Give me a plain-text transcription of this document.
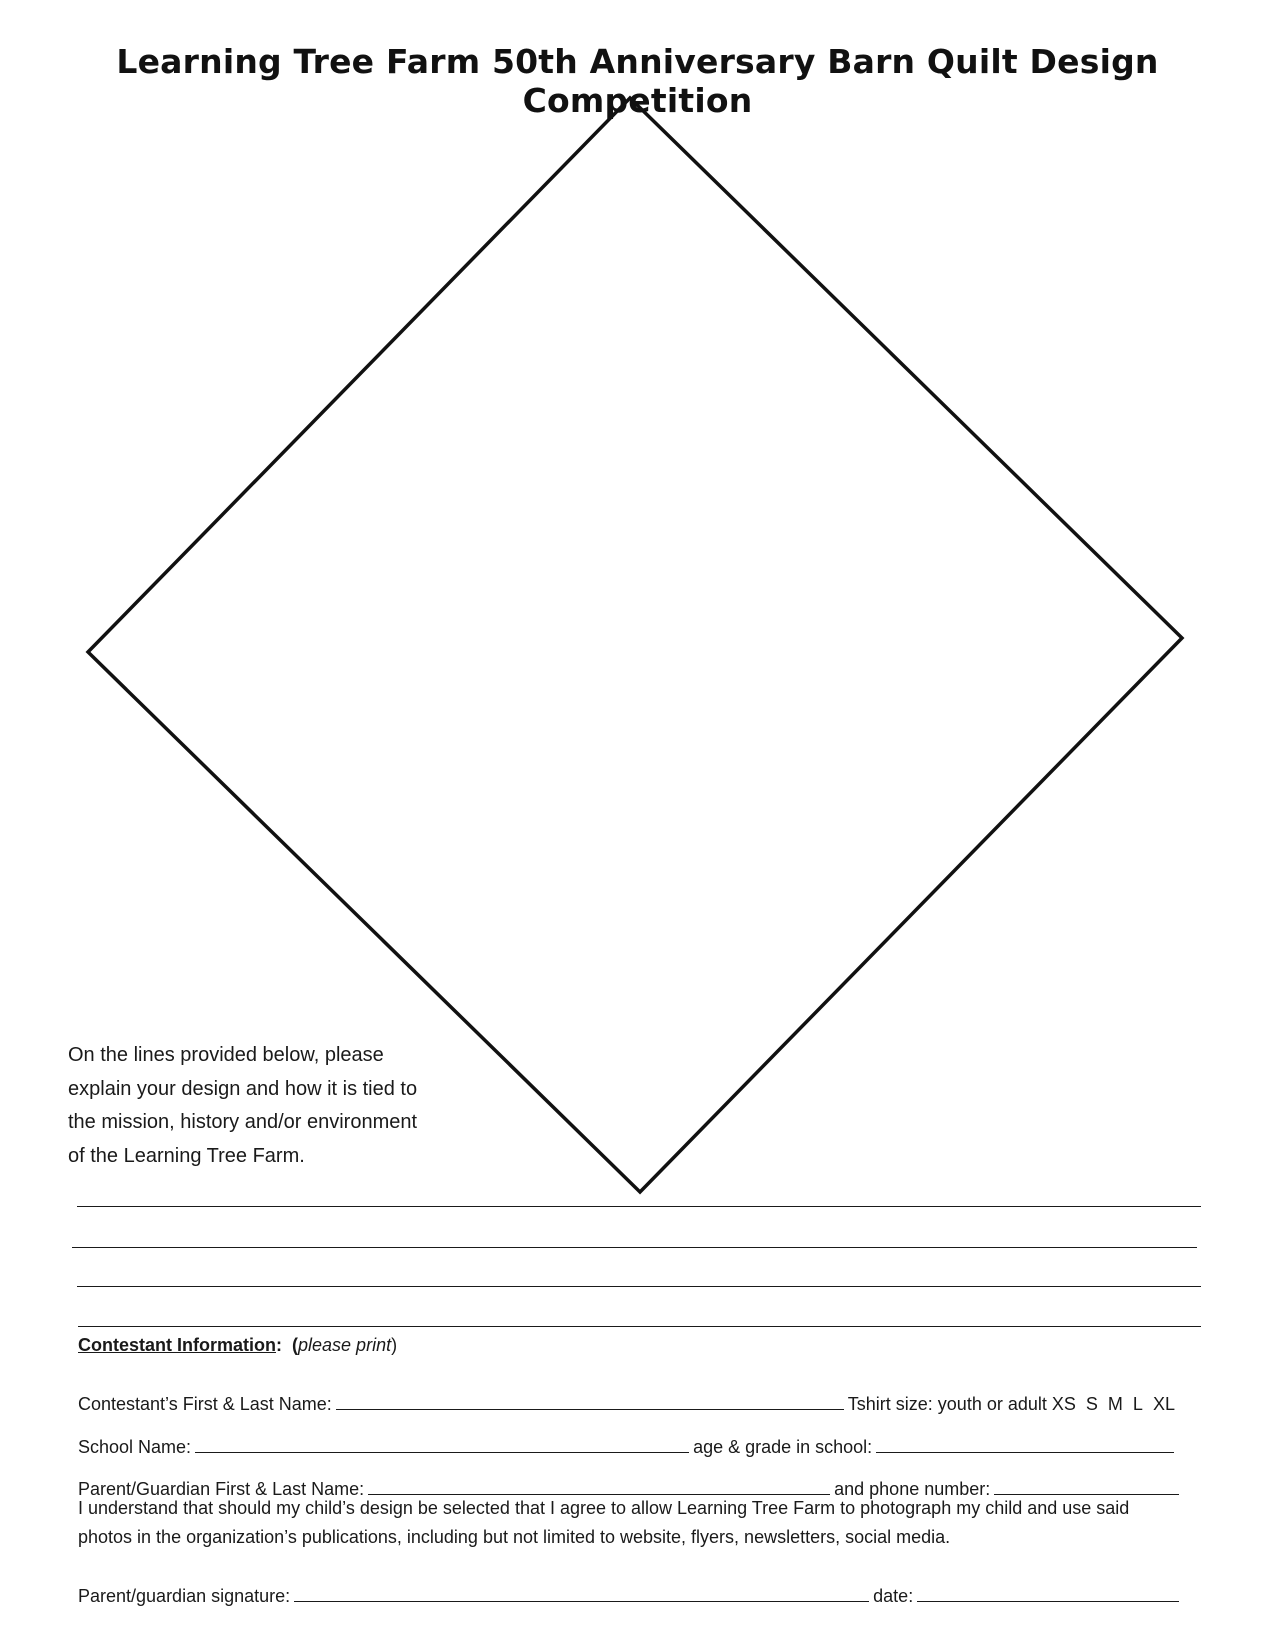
Learning Tree Farm 50th Anniversary Barn Quilt Design Competition
On the lines provided below, please
explain your design and how it is tied to
the mission, history and/or environment
of the Learning Tree Farm.
Contestant Information: (please print)
Contestant’s First & Last Name:	Tshirt size: youth or adult XS S M L XL
School Name:	age & grade in school:
Parent/Guardian First & Last Name:	and phone number:
I understand that should my child’s design be selected that I agree to allow Learning Tree Farm to photograph my child and use said
photos in the organization’s publications, including but not limited to website, flyers, newsletters, social media.
Parent/guardian signature:	date:
